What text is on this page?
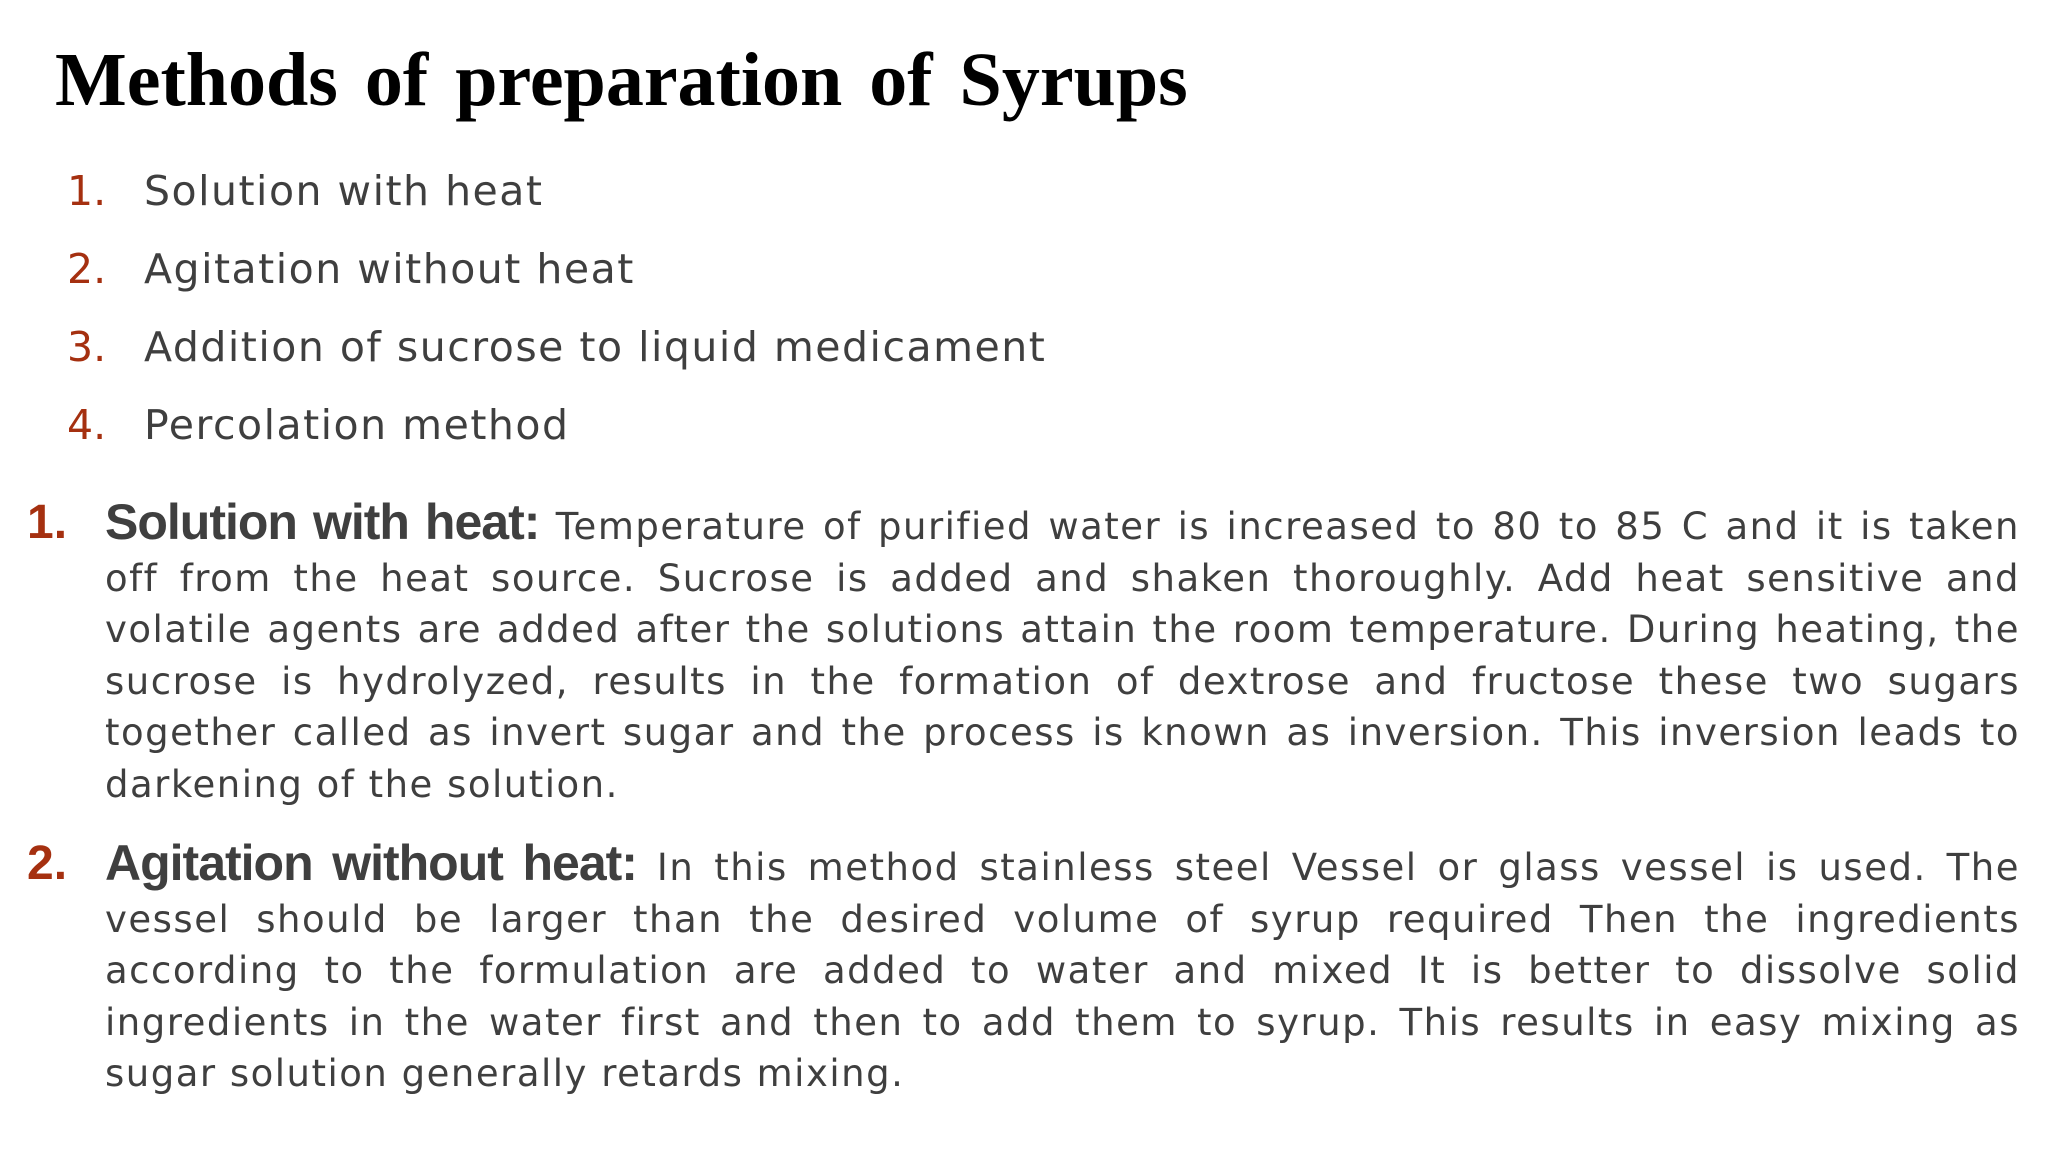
Methods of preparation of Syrups
1. Solution with heat
2. Agitation without heat
3. Addition of sucrose to liquid medicament
4. Percolation method
1. Solution with heat: Temperature of purified water is increased to 80 to 85 C and it is taken off from the heat source. Sucrose is added and shaken thoroughly. Add heat sensitive and volatile agents are added after the solutions attain the room temperature. During heating, the sucrose is hydrolyzed, results in the formation of dextrose and fructose these two sugars together called as invert sugar and the process is known as inversion. This inversion leads to darkening of the solution.

2. Agitation without heat: In this method stainless steel Vessel or glass vessel is used. The vessel should be larger than the desired volume of syrup required Then the ingredients according to the formulation are added to water and mixed It is better to dissolve solid ingredients in the water first and then to add them to syrup. This results in easy mixing as sugar solution generally retards mixing.
